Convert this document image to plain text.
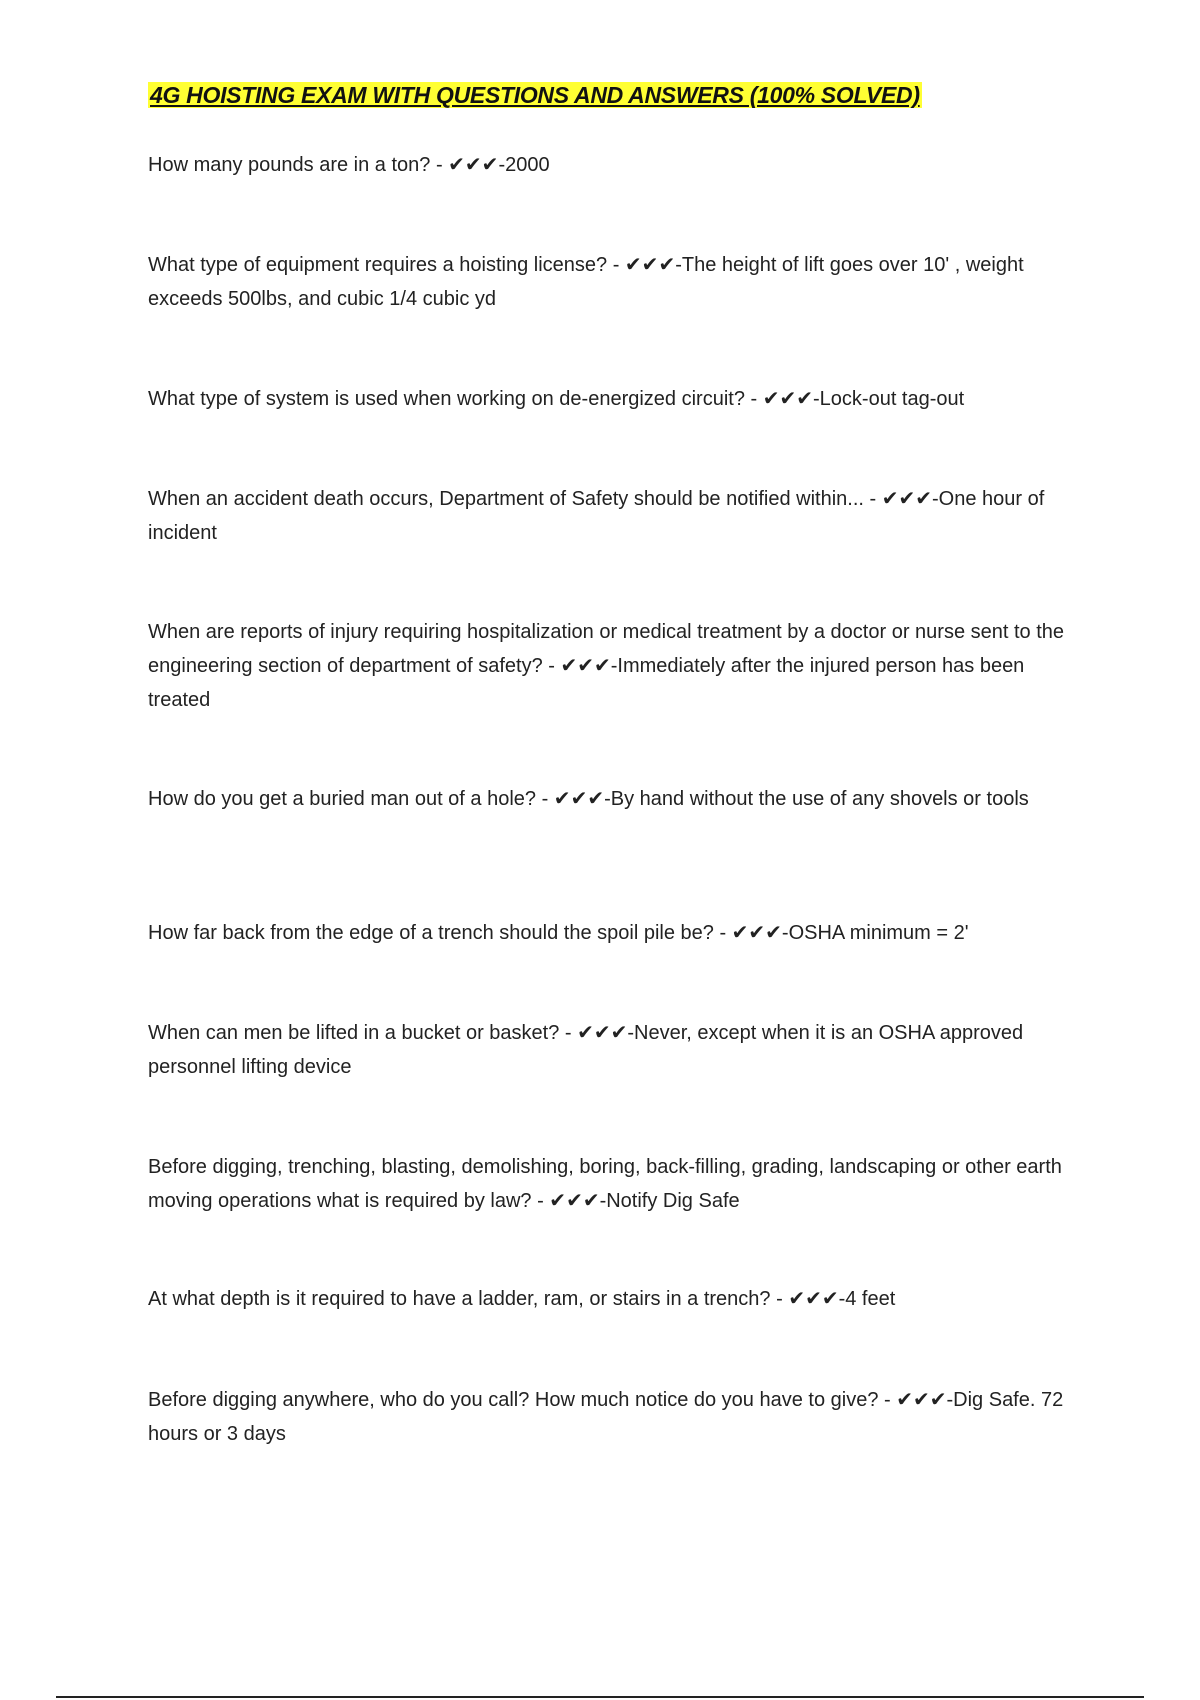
4G HOISTING EXAM WITH QUESTIONS AND ANSWERS (100% SOLVED)

How many pounds are in a ton? - ✔✔✔-2000

What type of equipment requires a hoisting license? - ✔✔✔-The height of lift goes over 10' , weight exceeds 500lbs, and cubic 1/4 cubic yd

What type of system is used when working on de-energized circuit? - ✔✔✔-Lock-out tag-out

When an accident death occurs, Department of Safety should be notified within... - ✔✔✔-One hour of incident

When are reports of injury requiring hospitalization or medical treatment by a doctor or nurse sent to the engineering section of department of safety? - ✔✔✔-Immediately after the injured person has been treated

How do you get a buried man out of a hole? - ✔✔✔-By hand without the use of any shovels or tools

How far back from the edge of a trench should the spoil pile be? - ✔✔✔-OSHA minimum = 2'

When can men be lifted in a bucket or basket? - ✔✔✔-Never, except when it is an OSHA approved personnel lifting device

Before digging, trenching, blasting, demolishing, boring, back-filling, grading, landscaping or other earth moving operations what is required by law? - ✔✔✔-Notify Dig Safe

At what depth is it required to have a ladder, ram, or stairs in a trench? - ✔✔✔-4 feet

Before digging anywhere, who do you call? How much notice do you have to give? - ✔✔✔-Dig Safe. 72 hours or 3 days
